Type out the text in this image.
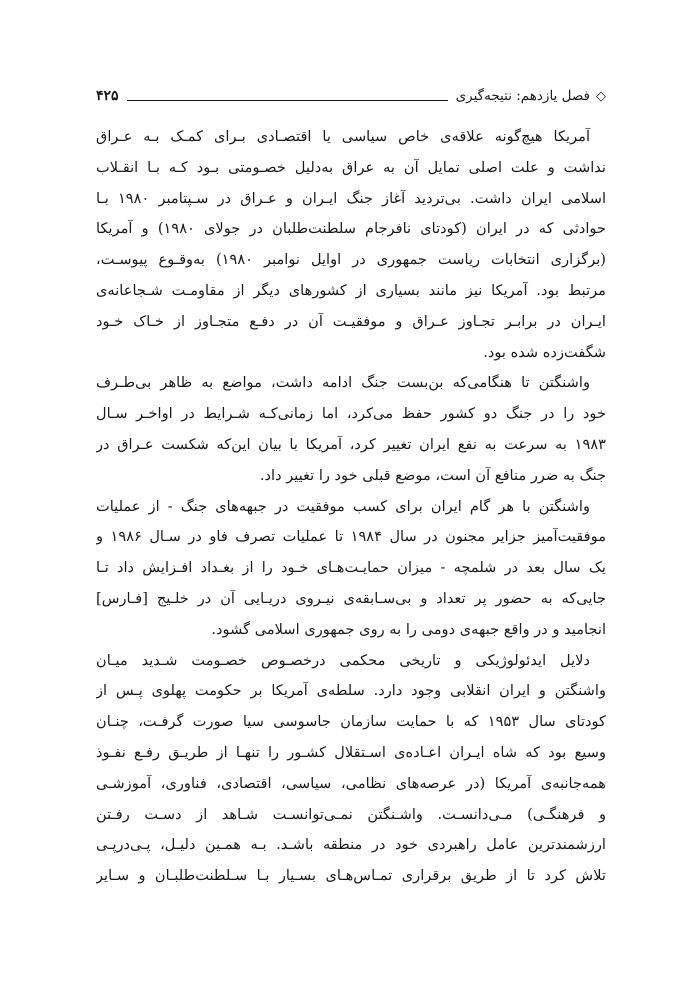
◇
فصل یازدهم: نتیجه‌گیری
۴۲۵
آمریکا هیچ‌گونه علاقه‌ی خاص سیاسی یا اقتصـادی بـرای کمـک بـه عـراق
نداشت و علت اصلی تمایل آن به عراق به‌دلیل خصـومتی بـود کـه بـا انقـلاب
اسلامی ایران داشت. بی‌تردید آغاز جنگ ایـران و عـراق در سـپتامبر ۱۹۸۰ بـا
حوادثی که در ایران (کودتای نافرجام سلطنت‌طلبان در جولای ۱۹۸۰) و آمریکا
(برگزاری انتخابات ریاست جمهوری در اوایل نوامبر ۱۹۸۰) به‌وقـوع پیوسـت،
مرتبط بود. آمریکا نیز مانند بسیاری از کشورهای دیگر از مقاومـت شـجاعانه‌ی
ایـران در برابـر تجـاوز عـراق و موفقیـت آن در دفـع متجـاوز از خـاک خـود
شگفت‌زده شده بود.
واشنگتن تا هنگامی‌که بن‌بست جنگ ادامه داشت، مواضع به ظاهر بی‌طـرف
خود را در جنگ دو کشور حفظ می‌کرد، اما زمانی‌کـه شـرایط در اواخـر سـال
۱۹۸۳ به سرعت به نفع ایران تغییر کرد، آمریکا با بیان این‌که شکست عـراق در
جنگ به ضرر منافع آن است، موضع قبلی خود را تغییر داد.
واشنگتن با هر گام ایران برای کسب موفقیت در جبهه‌های جنگ - از عملیات
موفقیت‌آمیز جزایر مجنون در سال ۱۹۸۴ تا عملیات تصرف فاو در سـال ۱۹۸۶ و
یک سال بعد در شلمچه - میزان حمایـت‌هـای خـود را از بغـداد افـزایش داد تـا
جایی‌که به حضور پر تعداد و بی‌سـابقه‌ی نیـروی دریـایی آن در خلـیج [فـارس]
انجامید و در واقع جبهه‌ی دومی را به روی جمهوری اسلامی گشود.
دلایل ایدئولوژیکی و تاریخی محکمی درخصـوص خصـومت شـدید میـان
واشنگتن و ایران انقلابی وجود دارد. سلطه‌ی آمریکا بر حکومت پهلوی پـس از
کودتای سال ۱۹۵۳ که با حمایت سازمان جاسوسی سیا صورت گرفـت، چنـان
وسیع بود که شاه ایـران اعـاده‌ی اسـتقلال کشـور را تنهـا از طریـق رفـع نفـوذ
همه‌جانبه‌ی آمریکا (در عرصه‌های نظامی، سیاسی، اقتصادی، فناوری، آموزشـی
و فرهنگـی) مـی‌دانسـت. واشـنگتن نمـی‌توانسـت شـاهد از دسـت رفـتن
ارزشمندترین عامل راهبردی خود در منطقه باشـد. بـه همـین دلیـل، پـی‌درپـی
تلاش کرد تا از طریق برقراری تمـاس‌هـای بسـیار بـا سـلطنت‌طلبـان و سـایر
